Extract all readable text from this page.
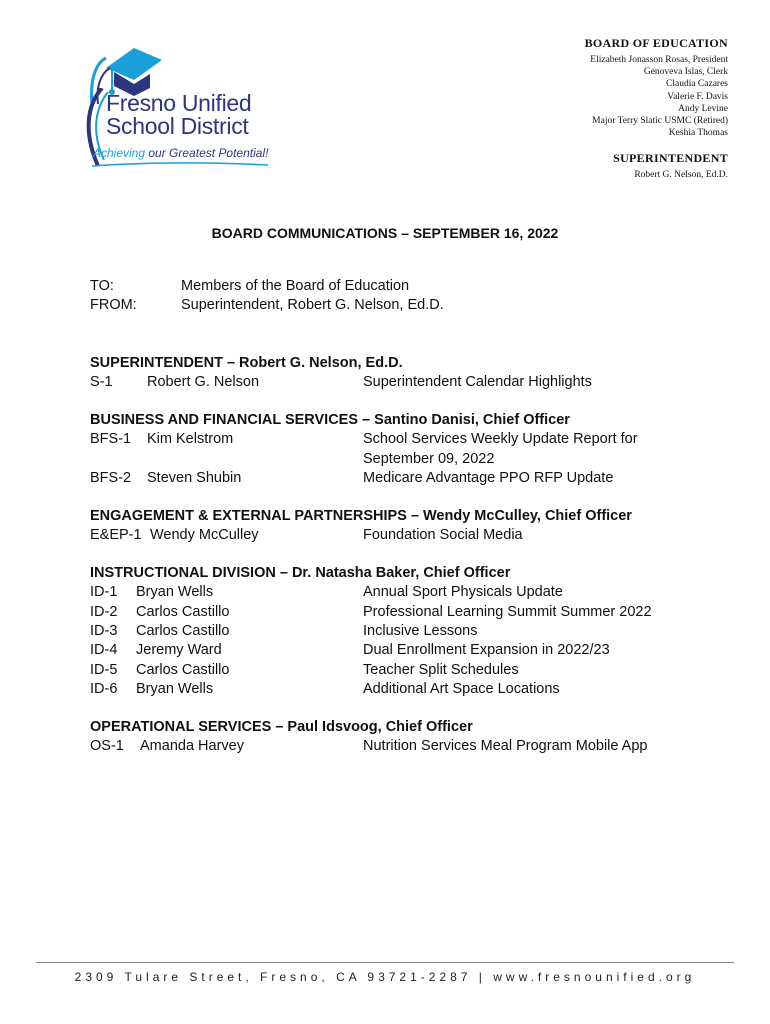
Fresno Unified
School District
Achieving our Greatest Potential!
BOARD OF EDUCATION
Elizabeth Jonasson Rosas, President
Genoveva Islas, Clerk
Claudia Cazares
Valerie F. Davis
Andy Levine
Major Terry Slatic USMC (Retired)
Keshia Thomas
SUPERINTENDENT
Robert G. Nelson, Ed.D.
BOARD COMMUNICATIONS – SEPTEMBER 16, 2022
TO:	Members of the Board of Education
FROM:	Superintendent, Robert G. Nelson, Ed.D.
SUPERINTENDENT – Robert G. Nelson, Ed.D.
S-1 Robert G. Nelson	Superintendent Calendar Highlights
BUSINESS AND FINANCIAL SERVICES – Santino Danisi, Chief Officer
BFS-1 Kim Kelstrom	School Services Weekly Update Report for September 09, 2022
BFS-2 Steven Shubin	Medicare Advantage PPO RFP Update
ENGAGEMENT & EXTERNAL PARTNERSHIPS – Wendy McCulley, Chief Officer
E&EP-1 Wendy McCulley	Foundation Social Media
INSTRUCTIONAL DIVISION – Dr. Natasha Baker, Chief Officer
ID-1 Bryan Wells	Annual Sport Physicals Update
ID-2 Carlos Castillo	Professional Learning Summit Summer 2022
ID-3 Carlos Castillo	Inclusive Lessons
ID-4 Jeremy Ward	Dual Enrollment Expansion in 2022/23
ID-5 Carlos Castillo	Teacher Split Schedules
ID-6 Bryan Wells	Additional Art Space Locations
OPERATIONAL SERVICES – Paul Idsvoog, Chief Officer
OS-1 Amanda Harvey	Nutrition Services Meal Program Mobile App
2309 Tulare Street, Fresno, CA 93721-2287 | www.fresnounified.org
